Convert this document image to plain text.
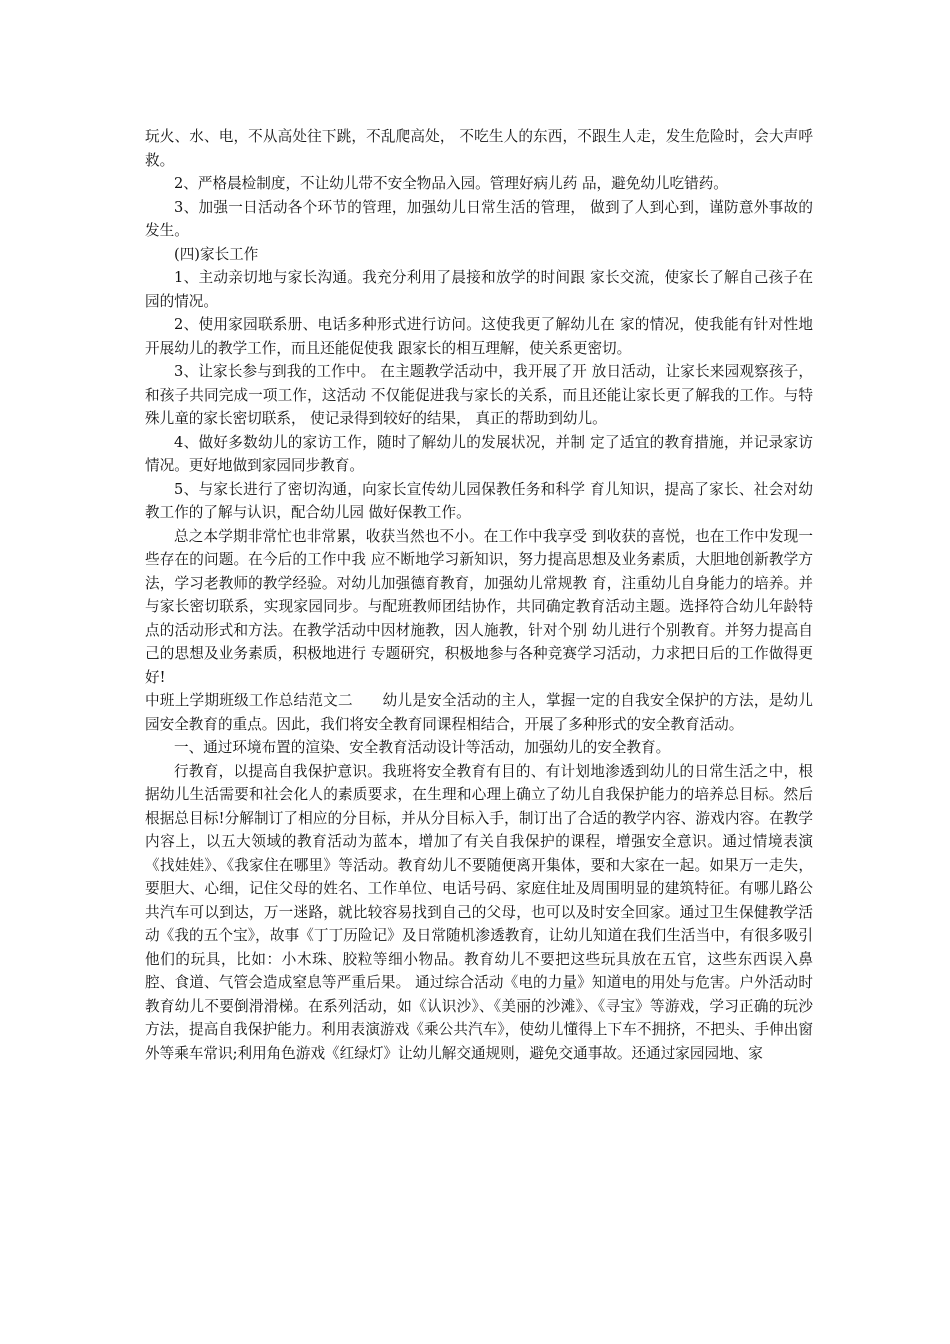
玩火、水、电，不从高处往下跳，不乱爬高处， 不吃生人的东西，不跟生人走，发生危险时，会大声呼救。

2、严格晨检制度，不让幼儿带不安全物品入园。管理好病儿药 品，避免幼儿吃错药。

3、加强一日活动各个环节的管理，加强幼儿日常生活的管理， 做到了人到心到，谨防意外事故的发生。

(四)家长工作

1、主动亲切地与家长沟通。我充分利用了晨接和放学的时间跟 家长交流，使家长了解自己孩子在园的情况。

2、使用家园联系册、电话多种形式进行访问。这使我更了解幼儿在 家的情况，使我能有针对性地开展幼儿的教学工作，而且还能促使我 跟家长的相互理解，使关系更密切。

3、让家长参与到我的工作中。 在主题教学活动中，我开展了开 放日活动，让家长来园观察孩子，和孩子共同完成一项工作，这活动 不仅能促进我与家长的关系，而且还能让家长更了解我的工作。与特殊儿童的家长密切联系， 使记录得到较好的结果， 真正的帮助到幼儿。

4、做好多数幼儿的家访工作，随时了解幼儿的发展状况，并制 定了适宜的教育措施，并记录家访情况。更好地做到家园同步教育。

5、与家长进行了密切沟通，向家长宣传幼儿园保教任务和科学 育儿知识，提高了家长、社会对幼教工作的了解与认识，配合幼儿园 做好保教工作。

总之本学期非常忙也非常累，收获当然也不小。在工作中我享受 到收获的喜悦，也在工作中发现一些存在的问题。在今后的工作中我 应不断地学习新知识，努力提高思想及业务素质，大胆地创新教学方 法，学习老教师的教学经验。对幼儿加强德育教育，加强幼儿常规教 育，注重幼儿自身能力的培养。并与家长密切联系，实现家园同步。与配班教师团结协作，共同确定教育活动主题。选择符合幼儿年龄特 点的活动形式和方法。在教学活动中因材施教，因人施教，针对个别 幼儿进行个别教育。并努力提高自己的思想及业务素质，积极地进行 专题研究，积极地参与各种竞赛学习活动，力求把日后的工作做得更 好!

中班上学期班级工作总结范文二　　幼儿是安全活动的主人，掌握一定的自我安全保护的方法，是幼儿园安全教育的重点。因此，我们将安全教育同课程相结合，开展了多种形式的安全教育活动。

一、通过环境布置的渲染、安全教育活动设计等活动，加强幼儿的安全教育。

行教育，以提高自我保护意识。我班将安全教育有目的、有计划地渗透到幼儿的日常生活之中，根据幼儿生活需要和社会化人的素质要求，在生理和心理上确立了幼儿自我保护能力的培养总目标。然后根据总目标!分解制订了相应的分目标，并从分目标入手，制订出了合适的教学内容、游戏内容。在教学内容上，以五大领域的教育活动为蓝本，增加了有关自我保护的课程，增强安全意识。通过情境表演《找娃娃》、《我家住在哪里》等活动。教育幼儿不要随便离开集体，要和大家在一起。如果万一走失，要胆大、心细，记住父母的姓名、工作单位、电话号码、家庭住址及周围明显的建筑特征。有哪儿路公共汽车可以到达，万一迷路，就比较容易找到自己的父母，也可以及时安全回家。通过卫生保健教学活动《我的五个宝》，故事《丁丁历险记》及日常随机渗透教育，让幼儿知道在我们生活当中，有很多吸引他们的玩具，比如：小木珠、胶粒等细小物品。教育幼儿不要把这些玩具放在五官，这些东西误入鼻腔、食道、气管会造成窒息等严重后果。 通过综合活动《电的力量》知道电的用处与危害。户外活动时教育幼儿不要倒滑滑梯。在系列活动，如《认识沙》、《美丽的沙滩》、《寻宝》等游戏，学习正确的玩沙方法，提高自我保护能力。利用表演游戏《乘公共汽车》，使幼儿懂得上下车不拥挤，不把头、手伸出窗外等乘车常识;利用角色游戏《红绿灯》让幼儿解交通规则，避免交通事故。还通过家园园地、家
